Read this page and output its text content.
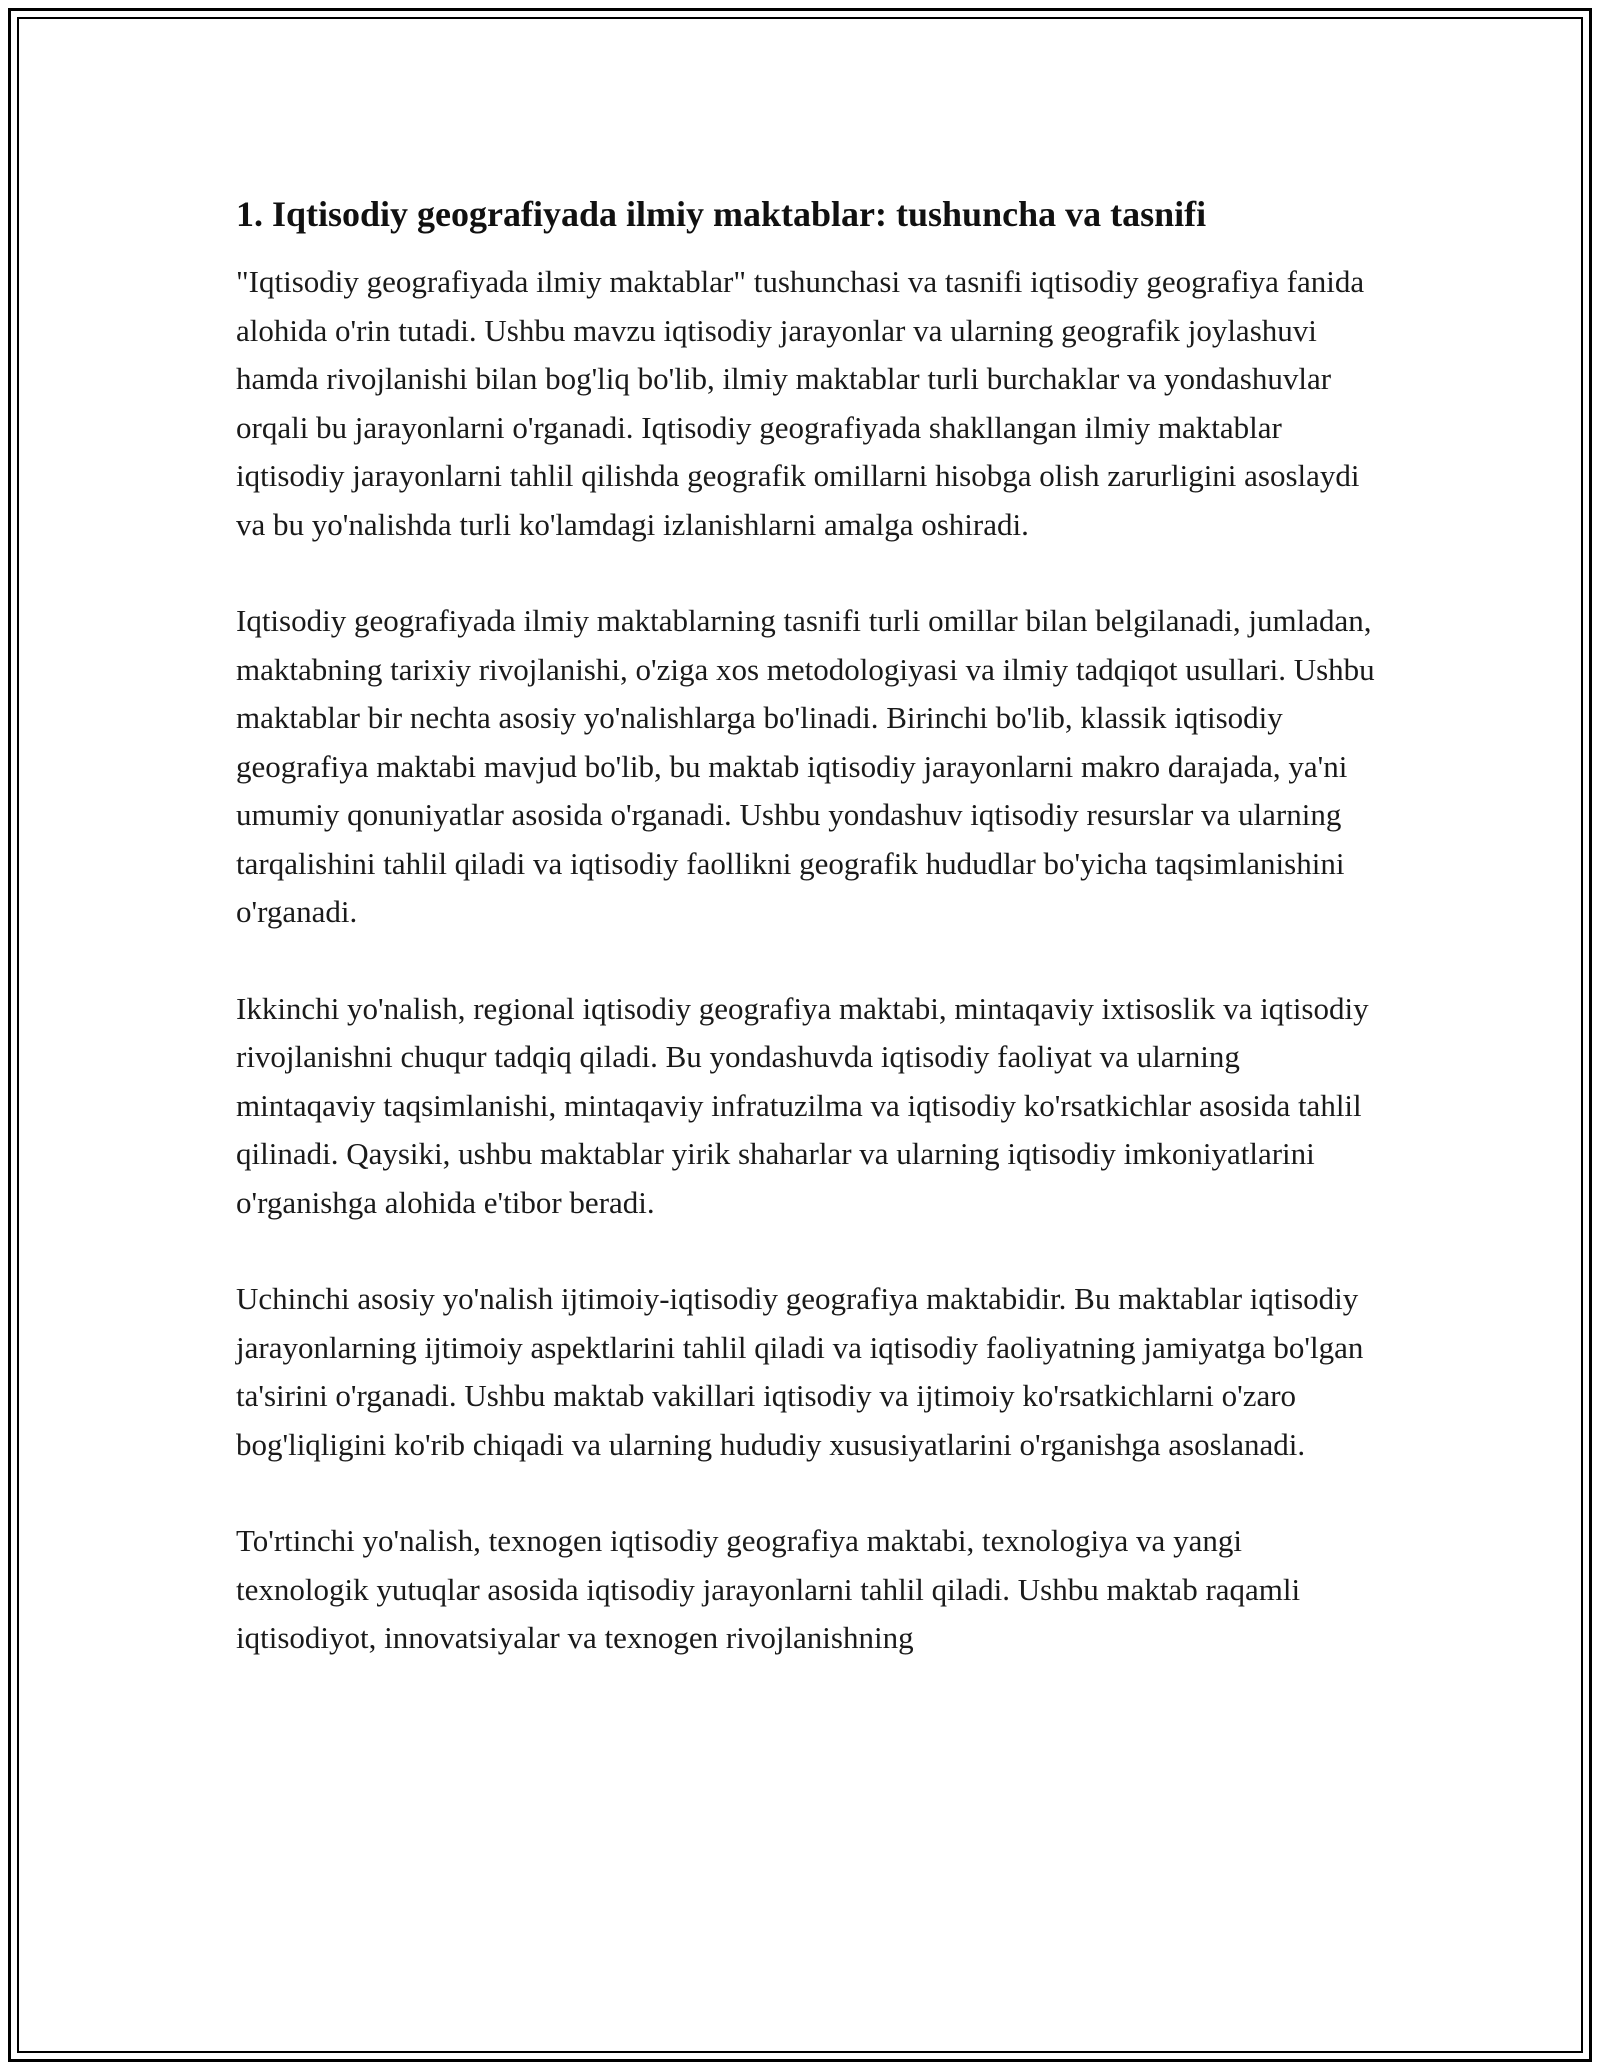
1. Iqtisodiy geografiyada ilmiy maktablar: tushuncha va tasnifi

"Iqtisodiy geografiyada ilmiy maktablar" tushunchasi va tasnifi iqtisodiy geografiya fanida alohida o'rin tutadi. Ushbu mavzu iqtisodiy jarayonlar va ularning geografik joylashuvi hamda rivojlanishi bilan bog'liq bo'lib, ilmiy maktablar turli burchaklar va yondashuvlar orqali bu jarayonlarni o'rganadi. Iqtisodiy geografiyada shakllangan ilmiy maktablar iqtisodiy jarayonlarni tahlil qilishda geografik omillarni hisobga olish zarurligini asoslaydi va bu yo'nalishda turli ko'lamdagi izlanishlarni amalga oshiradi.

Iqtisodiy geografiyada ilmiy maktablarning tasnifi turli omillar bilan belgilanadi, jumladan, maktabning tarixiy rivojlanishi, o'ziga xos metodologiyasi va ilmiy tadqiqot usullari. Ushbu maktablar bir nechta asosiy yo'nalishlarga bo'linadi. Birinchi bo'lib, klassik iqtisodiy geografiya maktabi mavjud bo'lib, bu maktab iqtisodiy jarayonlarni makro darajada, ya'ni umumiy qonuniyatlar asosida o'rganadi. Ushbu yondashuv iqtisodiy resurslar va ularning tarqalishini tahlil qiladi va iqtisodiy faollikni geografik hududlar bo'yicha taqsimlanishini o'rganadi.

Ikkinchi yo'nalish, regional iqtisodiy geografiya maktabi, mintaqaviy ixtisoslik va iqtisodiy rivojlanishni chuqur tadqiq qiladi. Bu yondashuvda iqtisodiy faoliyat va ularning mintaqaviy taqsimlanishi, mintaqaviy infratuzilma va iqtisodiy ko'rsatkichlar asosida tahlil qilinadi. Qaysiki, ushbu maktablar yirik shaharlar va ularning iqtisodiy imkoniyatlarini o'rganishga alohida e'tibor beradi.

Uchinchi asosiy yo'nalish ijtimoiy-iqtisodiy geografiya maktabidir. Bu maktablar iqtisodiy jarayonlarning ijtimoiy aspektlarini tahlil qiladi va iqtisodiy faoliyatning jamiyatga bo'lgan ta'sirini o'rganadi. Ushbu maktab vakillari iqtisodiy va ijtimoiy ko'rsatkichlarni o'zaro bog'liqligini ko'rib chiqadi va ularning hududiy xususiyatlarini o'rganishga asoslanadi.

To'rtinchi yo'nalish, texnogen iqtisodiy geografiya maktabi, texnologiya va yangi texnologik yutuqlar asosida iqtisodiy jarayonlarni tahlil qiladi. Ushbu maktab raqamli iqtisodiyot, innovatsiyalar va texnogen rivojlanishning
